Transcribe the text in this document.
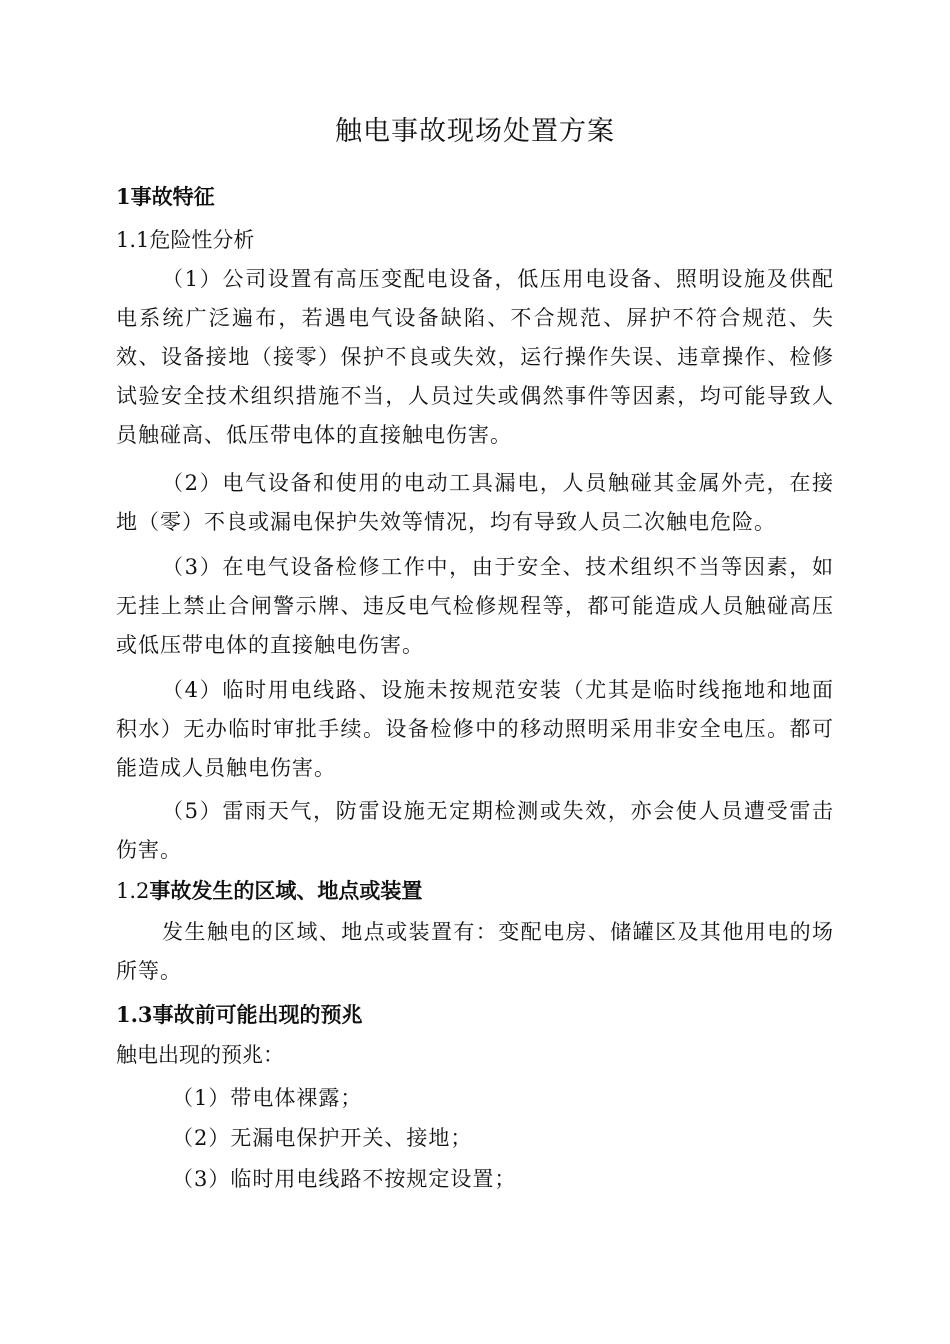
触电事故现场处置方案

1事故特征

1.1危险性分析

（1）公司设置有高压变配电设备，低压用电设备、照明设施及供配电系统广泛遍布，若遇电气设备缺陷、不合规范、屏护不符合规范、失效、设备接地（接零）保护不良或失效，运行操作失误、违章操作、检修试验安全技术组织措施不当，人员过失或偶然事件等因素，均可能导致人员触碰高、低压带电体的直接触电伤害。

（2）电气设备和使用的电动工具漏电，人员触碰其金属外壳，在接地（零）不良或漏电保护失效等情况，均有导致人员二次触电危险。

（3）在电气设备检修工作中，由于安全、技术组织不当等因素，如无挂上禁止合闸警示牌、违反电气检修规程等，都可能造成人员触碰高压或低压带电体的直接触电伤害。

（4）临时用电线路、设施未按规范安装（尤其是临时线拖地和地面积水）无办临时审批手续。设备检修中的移动照明采用非安全电压。都可能造成人员触电伤害。

（5）雷雨天气，防雷设施无定期检测或失效，亦会使人员遭受雷击伤害。

1.2事故发生的区域、地点或装置

发生触电的区域、地点或装置有：变配电房、储罐区及其他用电的场所等。

1.3事故前可能出现的预兆

触电出现的预兆：

（1）带电体裸露；

（2）无漏电保护开关、接地；

（3）临时用电线路不按规定设置；
